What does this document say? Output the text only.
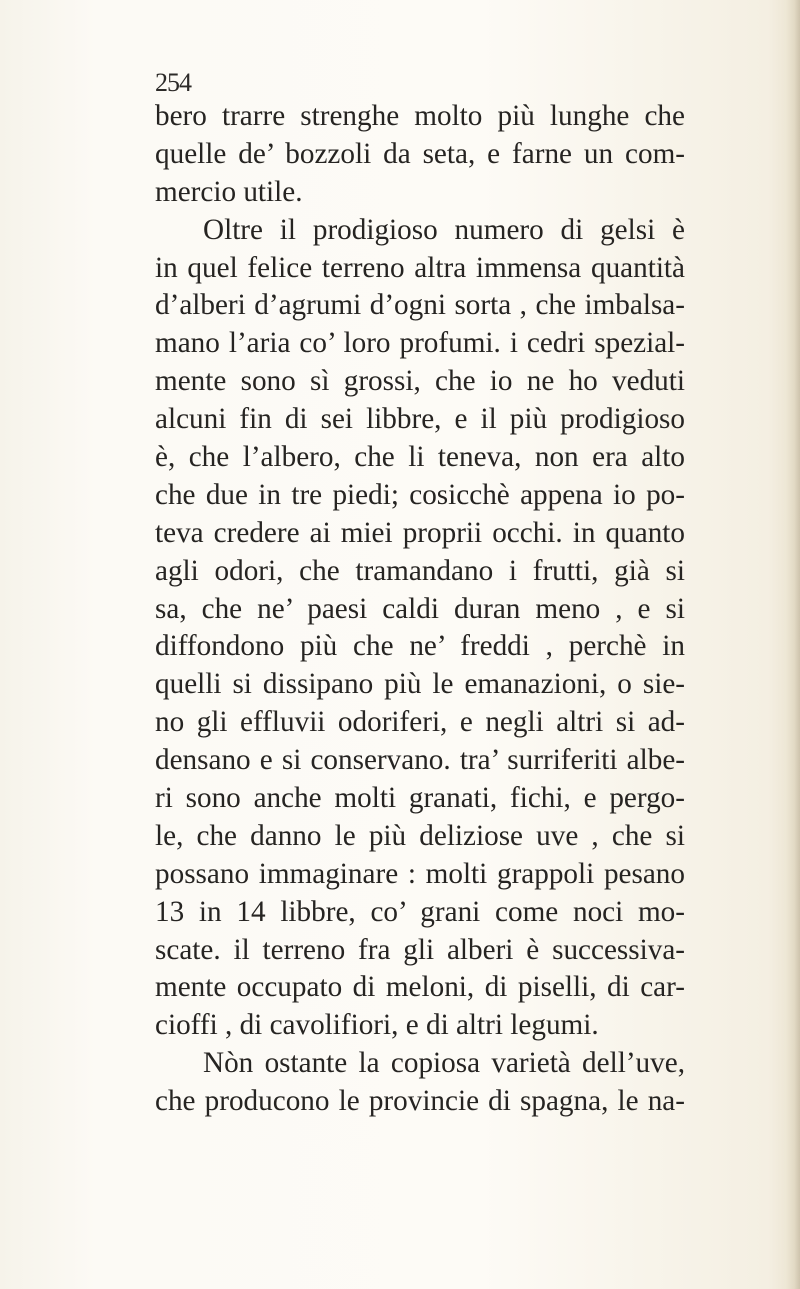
254
bero trarre strenghe molto più lunghe che
quelle de’ bozzoli da seta, e farne un com-
mercio utile.
Oltre il prodigioso numero di gelsi è
in quel felice terreno altra immensa quantità
d’alberi d’agrumi d’ogni sorta , che imbalsa-
mano l’aria co’ loro profumi. i cedri spezial-
mente sono sì grossi, che io ne ho veduti
alcuni fin di sei libbre, e il più prodigioso
è, che l’albero, che li teneva, non era alto
che due in tre piedi; cosicchè appena io po-
teva credere ai miei proprii occhi. in quanto
agli odori, che tramandano i frutti, già si
sa, che ne’ paesi caldi duran meno , e si
diffondono più che ne’ freddi , perchè in
quelli si dissipano più le emanazioni, o sie-
no gli effluvii odoriferi, e negli altri si ad-
densano e si conservano. tra’ surriferiti albe-
ri sono anche molti granati, fichi, e pergo-
le, che danno le più deliziose uve , che si
possano immaginare : molti grappoli pesano
13 in 14 libbre, co’ grani come noci mo-
scate. il terreno fra gli alberi è successiva-
mente occupato di meloni, di piselli, di car-
cioffi , di cavolifiori, e di altri legumi.
Nòn ostante la copiosa varietà dell’uve,
che producono le provincie di spagna, le na-
